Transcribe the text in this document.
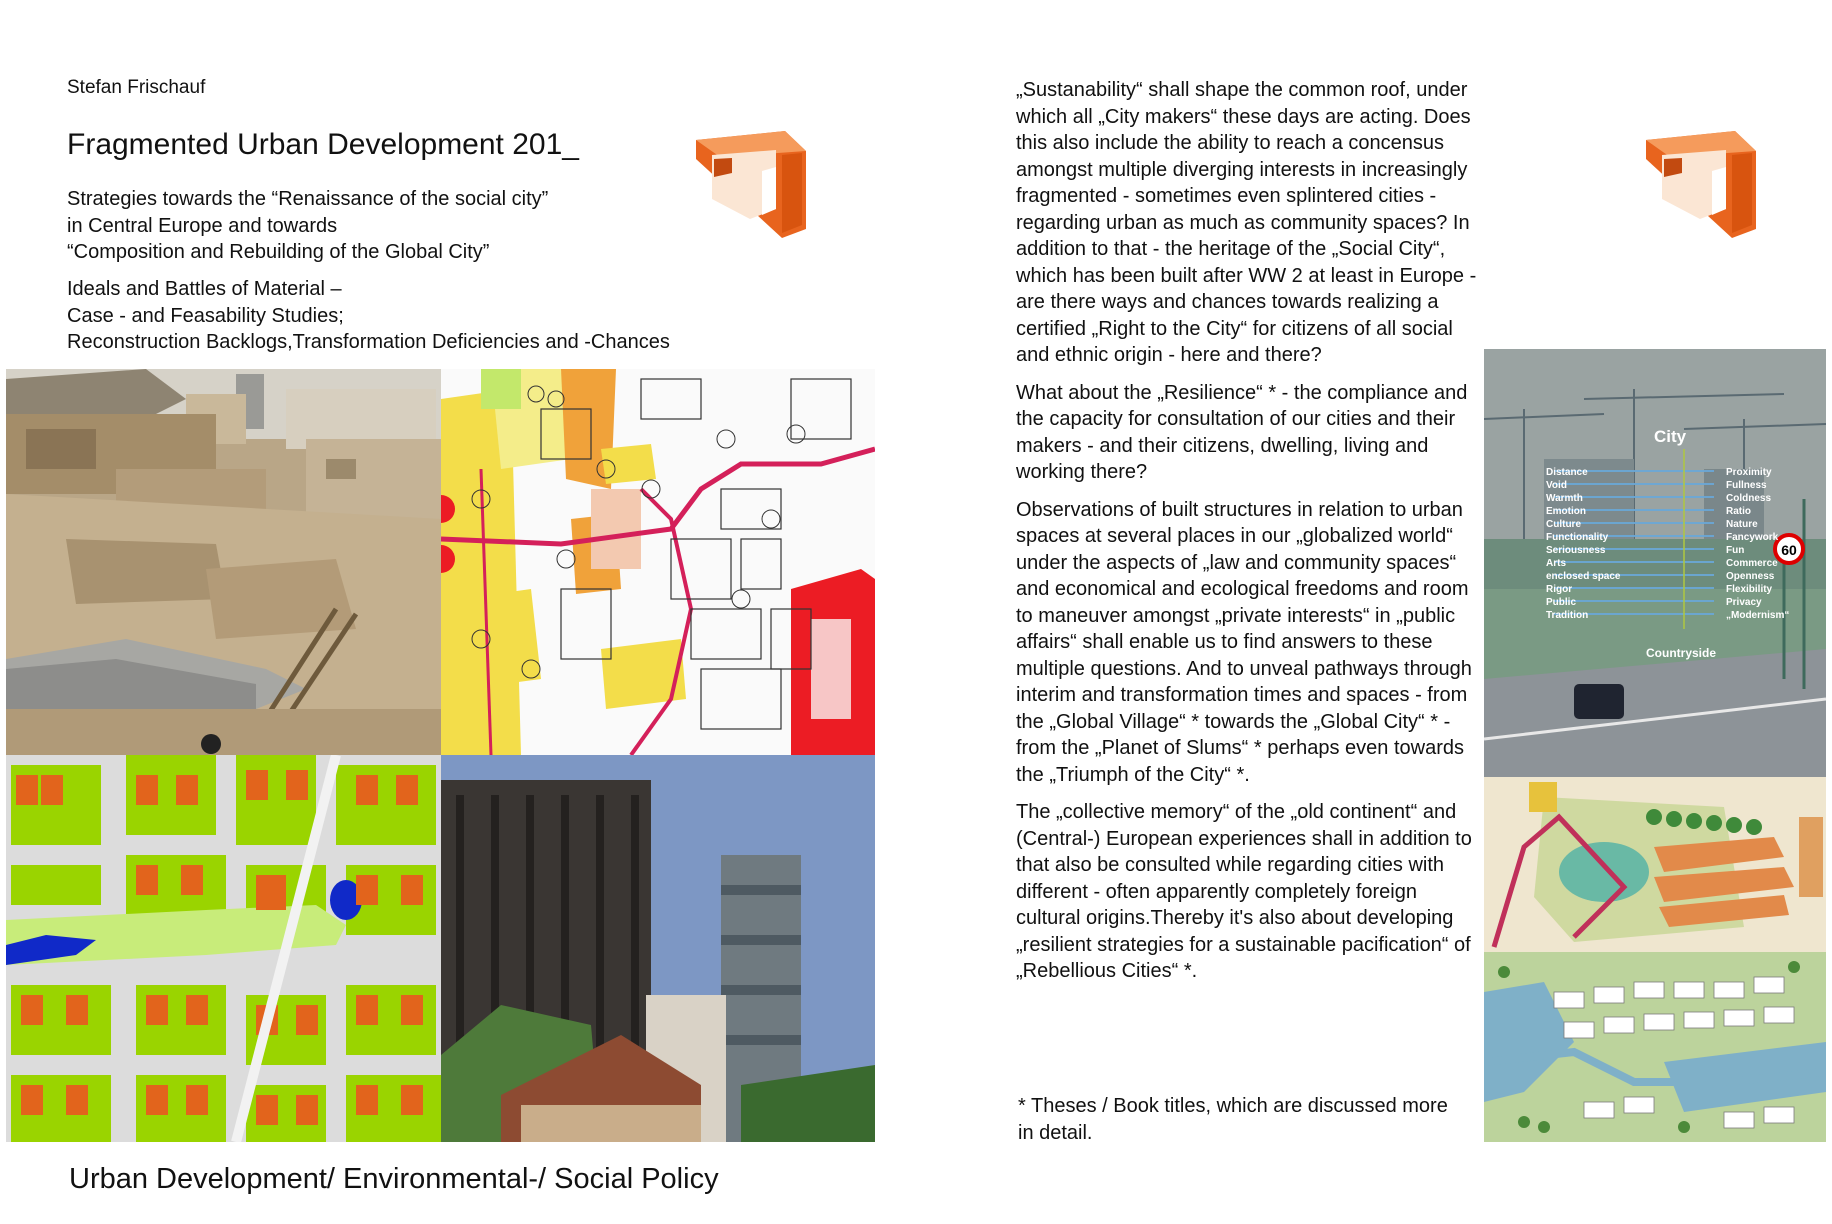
Stefan Frischauf
Fragmented Urban Development 201_

Strategies towards the “Renaissance of the social city”

in Central Europe and towards

“Composition and Rebuilding of the Global City”

Ideals and Battles of Material –

Case - and Feasability Studies;

Reconstruction Backlogs,Transformation Deficiencies and -Chances

Urban Development/ Environmental-/ Social Policy

„Sustanability“ shall shape the common roof, under which all „City makers“ these days are acting. Does this also include the ability to reach a concensus amongst multiple diverging interests in increasingly fragmented - sometimes even splintered cities - regarding urban as much as community spaces? In addition to that - the heritage of the „Social City“, which has been built after WW 2 at least in Europe - are there ways and chances towards realizing a certified „Right to the City“ for citizens of all social and ethnic origin - here and there?

What about the „Resilience“ * - the compliance and the capacity for consultation of our cities and their makers - and their citizens, dwelling, living and working there?

Observations of built structures in relation to urban spaces at several places in our „globalized world“ under the aspects of „law and community spaces“ and economical and ecological freedoms and room to maneuver amongst „private interests“ in „public affairs“ shall enable us to find answers to these multiple questions. And to unveal pathways through interim and transformation times and spaces - from the „Global Village“ * towards the „Global City“ * - from the „Planet of Slums“ * perhaps even towards the „Triumph of the City“ *.

The „collective memory“ of the „old continent“ and (Central-) European experiences shall in addition to that also be consulted while regarding cities with different - often apparently completely foreign cultural origins.Thereby it's also about developing „resilient strategies for a sustainable pacification“ of „Rebellious Cities“ *.

* Theses / Book titles, which are discussed more
in detail.
60
City
Countryside
Distance
Void
Warmth
Emotion
Culture
Functionality
Seriousness
Arts
enclosed space
Rigor
Public
Tradition
Proximity
Fullness
Coldness
Ratio
Nature
Fancywork
Fun
Commerce
Openness
Flexibility
Privacy
„Modernism“
